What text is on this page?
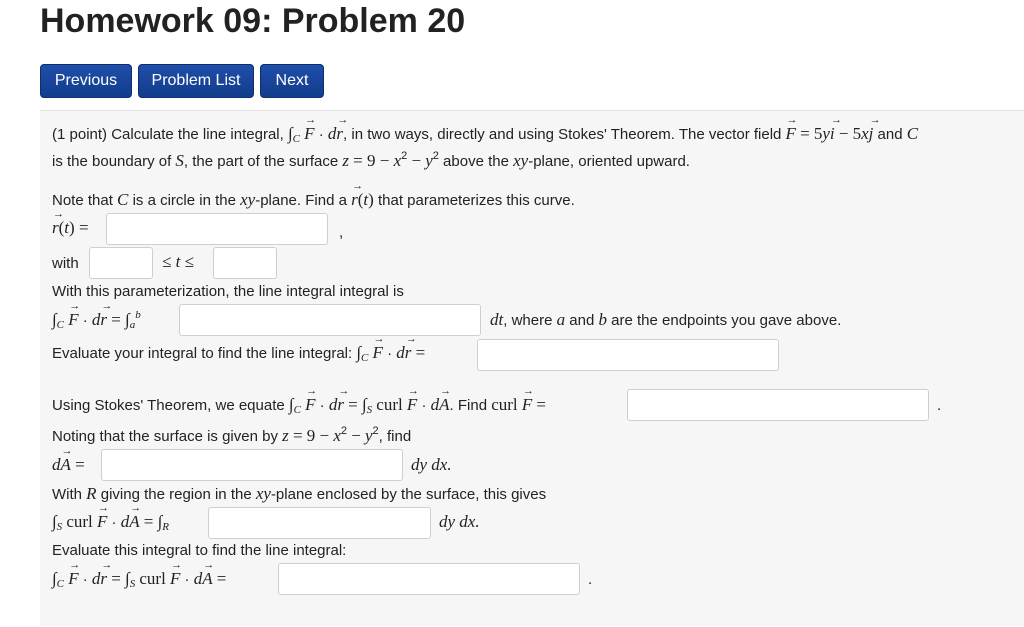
Homework 09: Problem 20
Previous	Problem List	Next
(1 point) Calculate the line integral, $\int_C \to F \cdot d\to r$, in two ways, directly and using Stokes' Theorem. The vector field → F = 5y→ i − 5x→ j and C
is the boundary of S, the part of the surface $z = 9 - x^2 - y^2$ above the xy-plane, oriented upward.
Note that C is a circle in the xy-plane. Find a → r(t) that parameterizes this curve.
→ r(t) =	,
with	≤ t ≤
With this parameterization, the line integral integral is
$\int_C \to F \cdot d\to r = \int_a^b$	dt, where a and b are the endpoints you gave above.
Evaluate your integral to find the line integral: $\int_C \to F \cdot d\to r$ =
Using Stokes' Theorem, we equate $\int_C \to F \cdot d\to r = \int_S$ curl → F · d→ A. Find curl → F =	.
Noting that the surface is given by $z = 9 - x^2 - y^2$, find
d→ A =	dy dx.
With R giving the region in the xy-plane enclosed by the surface, this gives
$\int_S$ curl → $F \cdot d\to A = \int_R$	dy dx.
Evaluate this integral to find the line integral:
$\int_C \to F \cdot d\to r = \int_S$ curl → F · d→ A =	.
